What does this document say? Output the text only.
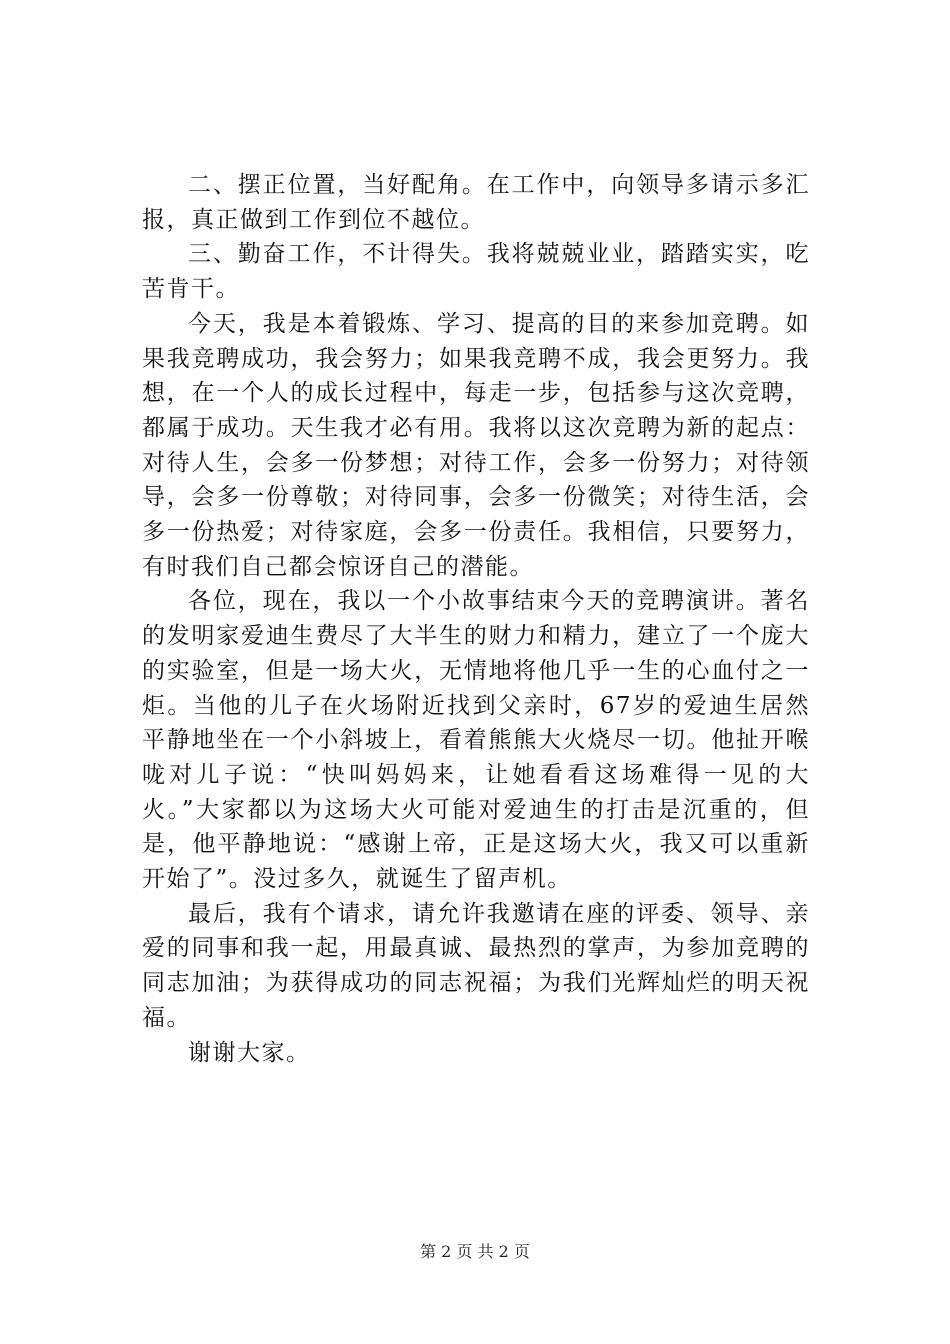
二、摆正位置，当好配角。在工作中，向领导多请示多汇报，真正做到工作到位不越位。

三、勤奋工作，不计得失。我将兢兢业业，踏踏实实，吃苦肯干。

今天，我是本着锻炼、学习、提高的目的来参加竞聘。如果我竞聘成功，我会努力；如果我竞聘不成，我会更努力。我想，在一个人的成长过程中，每走一步，包括参与这次竞聘，都属于成功。天生我才必有用。我将以这次竞聘为新的起点：对待人生，会多一份梦想；对待工作，会多一份努力；对待领导，会多一份尊敬；对待同事，会多一份微笑；对待生活，会多一份热爱；对待家庭，会多一份责任。我相信，只要努力，有时我们自己都会惊讶自己的潜能。

各位，现在，我以一个小故事结束今天的竞聘演讲。著名的发明家爱迪生费尽了大半生的财力和精力，建立了一个庞大的实验室，但是一场大火，无情地将他几乎一生的心血付之一炬。当他的儿子在火场附近找到父亲时，67岁的爱迪生居然平静地坐在一个小斜坡上，看着熊熊大火烧尽一切。他扯开喉咙对儿子说：“快叫妈妈来，让她看看这场难得一见的大火。”大家都以为这场大火可能对爱迪生的打击是沉重的，但是，他平静地说：“感谢上帝，正是这场大火，我又可以重新开始了”。没过多久，就诞生了留声机。

最后，我有个请求，请允许我邀请在座的评委、领导、亲爱的同事和我一起，用最真诚、最热烈的掌声，为参加竞聘的同志加油；为获得成功的同志祝福；为我们光辉灿烂的明天祝福。

谢谢大家。

第 2 页 共 2 页
